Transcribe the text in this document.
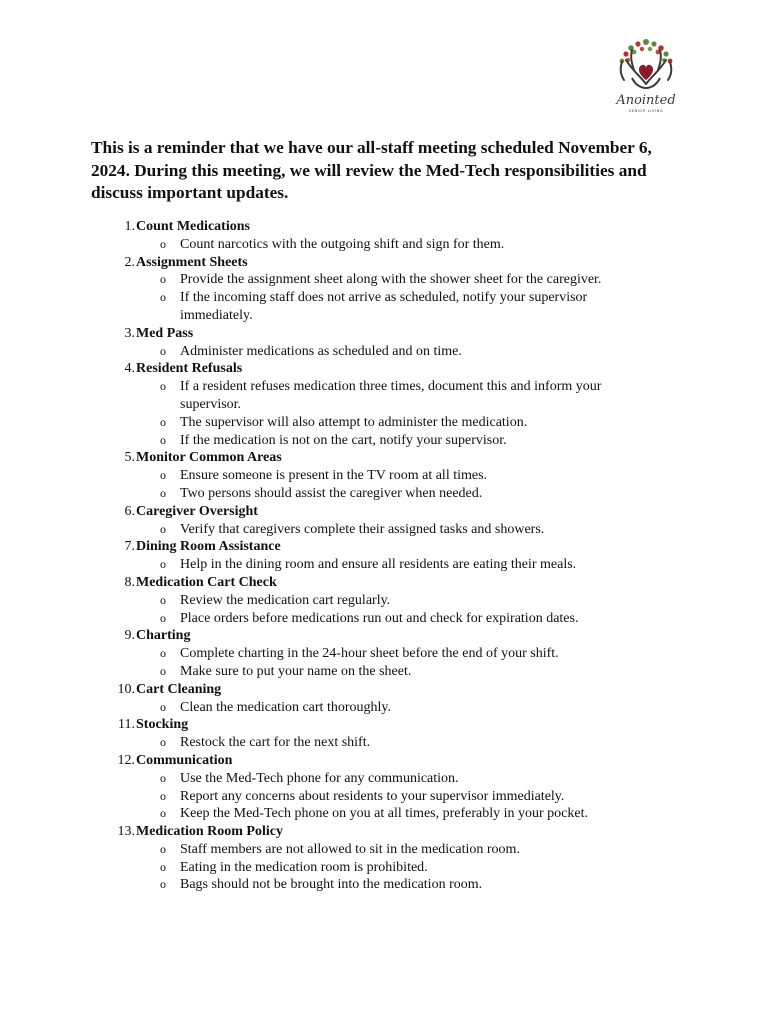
Anointed
SENIOR LIVING

This is a reminder that we have our all-staff meeting scheduled November 6, 2024. During this meeting, we will review the Med-Tech responsibilities and discuss important updates.

1. Count Medications
o	Count narcotics with the outgoing shift and sign for them.
2. Assignment Sheets
o	Provide the assignment sheet along with the shower sheet for the caregiver.
o	If the incoming staff does not arrive as scheduled, notify your supervisor immediately.
3. Med Pass
o	Administer medications as scheduled and on time.
4. Resident Refusals
o	If a resident refuses medication three times, document this and inform your supervisor.
o	The supervisor will also attempt to administer the medication.
o	If the medication is not on the cart, notify your supervisor.
5. Monitor Common Areas
o	Ensure someone is present in the TV room at all times.
o	Two persons should assist the caregiver when needed.
6. Caregiver Oversight
o	Verify that caregivers complete their assigned tasks and showers.
7. Dining Room Assistance
o	Help in the dining room and ensure all residents are eating their meals.
8. Medication Cart Check
o	Review the medication cart regularly.
o	Place orders before medications run out and check for expiration dates.
9. Charting
o	Complete charting in the 24-hour sheet before the end of your shift.
o	Make sure to put your name on the sheet.
10. Cart Cleaning
o	Clean the medication cart thoroughly.
11. Stocking
o	Restock the cart for the next shift.
12. Communication
o	Use the Med-Tech phone for any communication.
o	Report any concerns about residents to your supervisor immediately.
o	Keep the Med-Tech phone on you at all times, preferably in your pocket.
13. Medication Room Policy
o	Staff members are not allowed to sit in the medication room.
o	Eating in the medication room is prohibited.
o	Bags should not be brought into the medication room.
